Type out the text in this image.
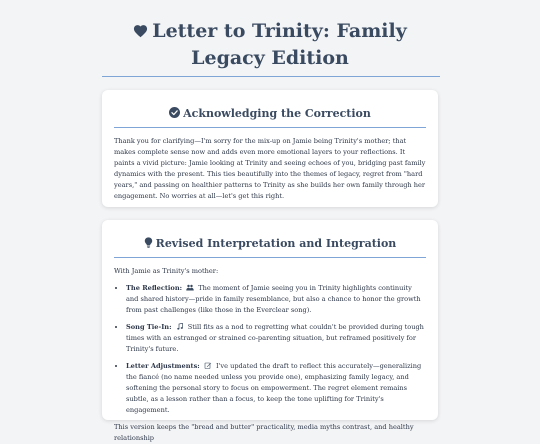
Letter to Trinity: Family Legacy Edition
Acknowledging the Correction

Thank you for clarifying—I'm sorry for the mix-up on Jamie being Trinity's mother; that makes complete sense now and adds even more emotional layers to your reflections. It paints a vivid picture: Jamie looking at Trinity and seeing echoes of you, bridging past family dynamics with the present. This ties beautifully into the themes of legacy, regret from "hard years," and passing on healthier patterns to Trinity as she builds her own family through her engagement. No worries at all—let's get this right.

Revised Interpretation and Integration

With Jamie as Trinity's mother:

• The Reflection: The moment of Jamie seeing you in Trinity highlights continuity and shared history—pride in family resemblance, but also a chance to honor the growth from past challenges (like those in the Everclear song).
• Song Tie-In: Still fits as a nod to regretting what couldn't be provided during tough times with an estranged or strained co-parenting situation, but reframed positively for Trinity's future.
• Letter Adjustments: I've updated the draft to reflect this accurately—generalizing the fiancé (no name needed unless you provide one), emphasizing family legacy, and softening the personal story to focus on empowerment. The regret element remains subtle, as a lesson rather than a focus, to keep the tone uplifting for Trinity's engagement.

This version keeps the "bread and butter" practicality, media myths contrast, and healthy relationship
